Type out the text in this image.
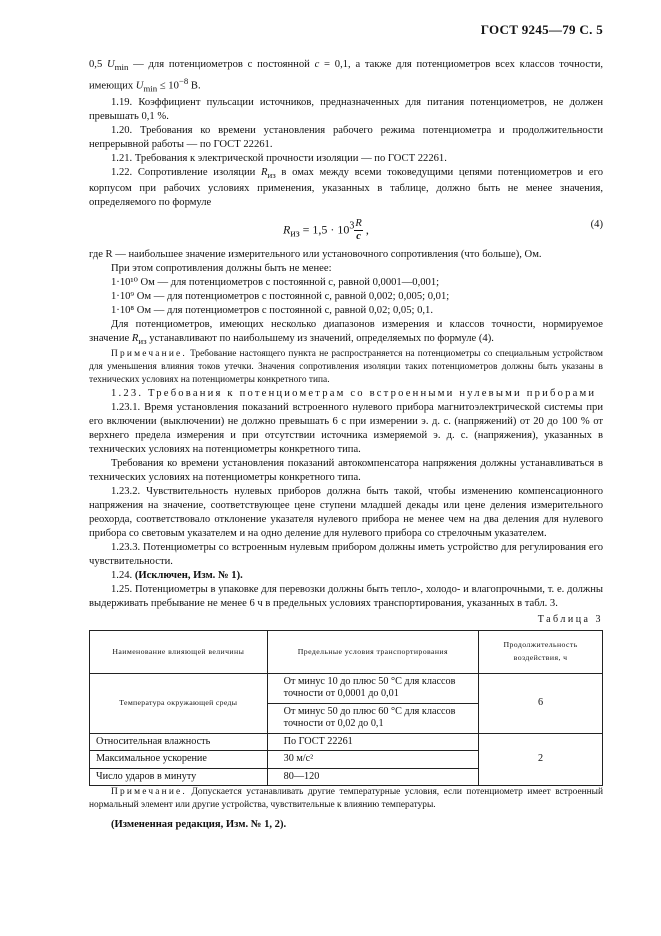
ГОСТ 9245—79 С. 5

0,5 $U_{min}$ — для потенциометров с постоянной c = 0,1, а также для потенциометров всех классов точности, имеющих $U_{min} \le 10^{-8}$ В.

1.19. Коэффициент пульсации источников, предназначенных для питания потенциометров, не должен превышать 0,1 %.

1.20. Требования ко времени установления рабочего режима потенциометра и продолжительности непрерывной работы — по ГОСТ 22261.

1.21. Требования к электрической прочности изоляции — по ГОСТ 22261.

1.22. Сопротивление изоляции $R_{из}$ в омах между всеми токоведущими цепями потенциометров и его корпусом при рабочих условиях применения, указанных в таблице, должно быть не менее значения, определяемого по формуле

$R_{из} = 1,5 \cdot 10^3 \frac{R}{c}$ ,	(4)

где R — наибольшее значение измерительного или установочного сопротивления (что больше), Ом.

При этом сопротивления должны быть не менее:

1·10¹⁰ Ом — для потенциометров с постоянной c, равной 0,0001—0,001;

1·10⁹ Ом — для потенциометров с постоянной c, равной 0,002; 0,005; 0,01;

1·10⁸ Ом — для потенциометров с постоянной c, равной 0,02; 0,05; 0,1.

Для потенциометров, имеющих несколько диапазонов измерения и классов точности, нормируемое значение $R_{из}$ устанавливают по наибольшему из значений, определяемых по формуле (4).

Примечание. Требование настоящего пункта не распространяется на потенциометры со специальным устройством для уменьшения влияния токов утечки. Значения сопротивления изоляции таких потенциометров должны быть указаны в технических условиях на потенциометры конкретного типа.

1.23. Требования к потенциометрам со встроенными нулевыми приборами

1.23.1. Время установления показаний встроенного нулевого прибора магнитоэлектрической системы при его включении (выключении) не должно превышать 6 с при измерении э. д. с. (напряжений) от 20 до 100 % от верхнего предела измерения и при отсутствии источника измеряемой э. д. с. (напряжения), указанных в технических условиях на потенциометры конкретного типа.

Требования ко времени установления показаний автокомпенсатора напряжения должны устанавливаться в технических условиях на потенциометры конкретного типа.

1.23.2. Чувствительность нулевых приборов должна быть такой, чтобы изменению компенсационного напряжения на значение, соответствующее цене ступени младшей декады или цене деления измерительного реохорда, соответствовало отклонение указателя нулевого прибора не менее чем на два деления для нулевого прибора со световым указателем и на одно деление для нулевого прибора со стрелочным указателем.

1.23.3. Потенциометры со встроенным нулевым прибором должны иметь устройство для регулирования его чувствительности.

1.24. (Исключен, Изм. № 1).

1.25. Потенциометры в упаковке для перевозки должны быть тепло-, холодо- и влагопрочными, т. е. должны выдерживать пребывание не менее 6 ч в предельных условиях транспортирования, указанных в табл. 3.

Таблица 3
Наименование влияющей величины	Предельные условия транспортирования	Продолжительность воздействия, ч
Температура окружающей среды	От минус 10 до плюс 50 °С для классов точности от 0,0001 до 0,01	6
	От минус 50 до плюс 60 °С для классов точности от 0,02 до 0,1	
Относительная влажность	По ГОСТ 22261	2
Максимальное ускорение	30 м/с²	
Число ударов в минуту	80—120	

Примечание. Допускается устанавливать другие температурные условия, если потенциометр имеет встроенный нормальный элемент или другие устройства, чувствительные к влиянию температуры.

(Измененная редакция, Изм. № 1, 2).
